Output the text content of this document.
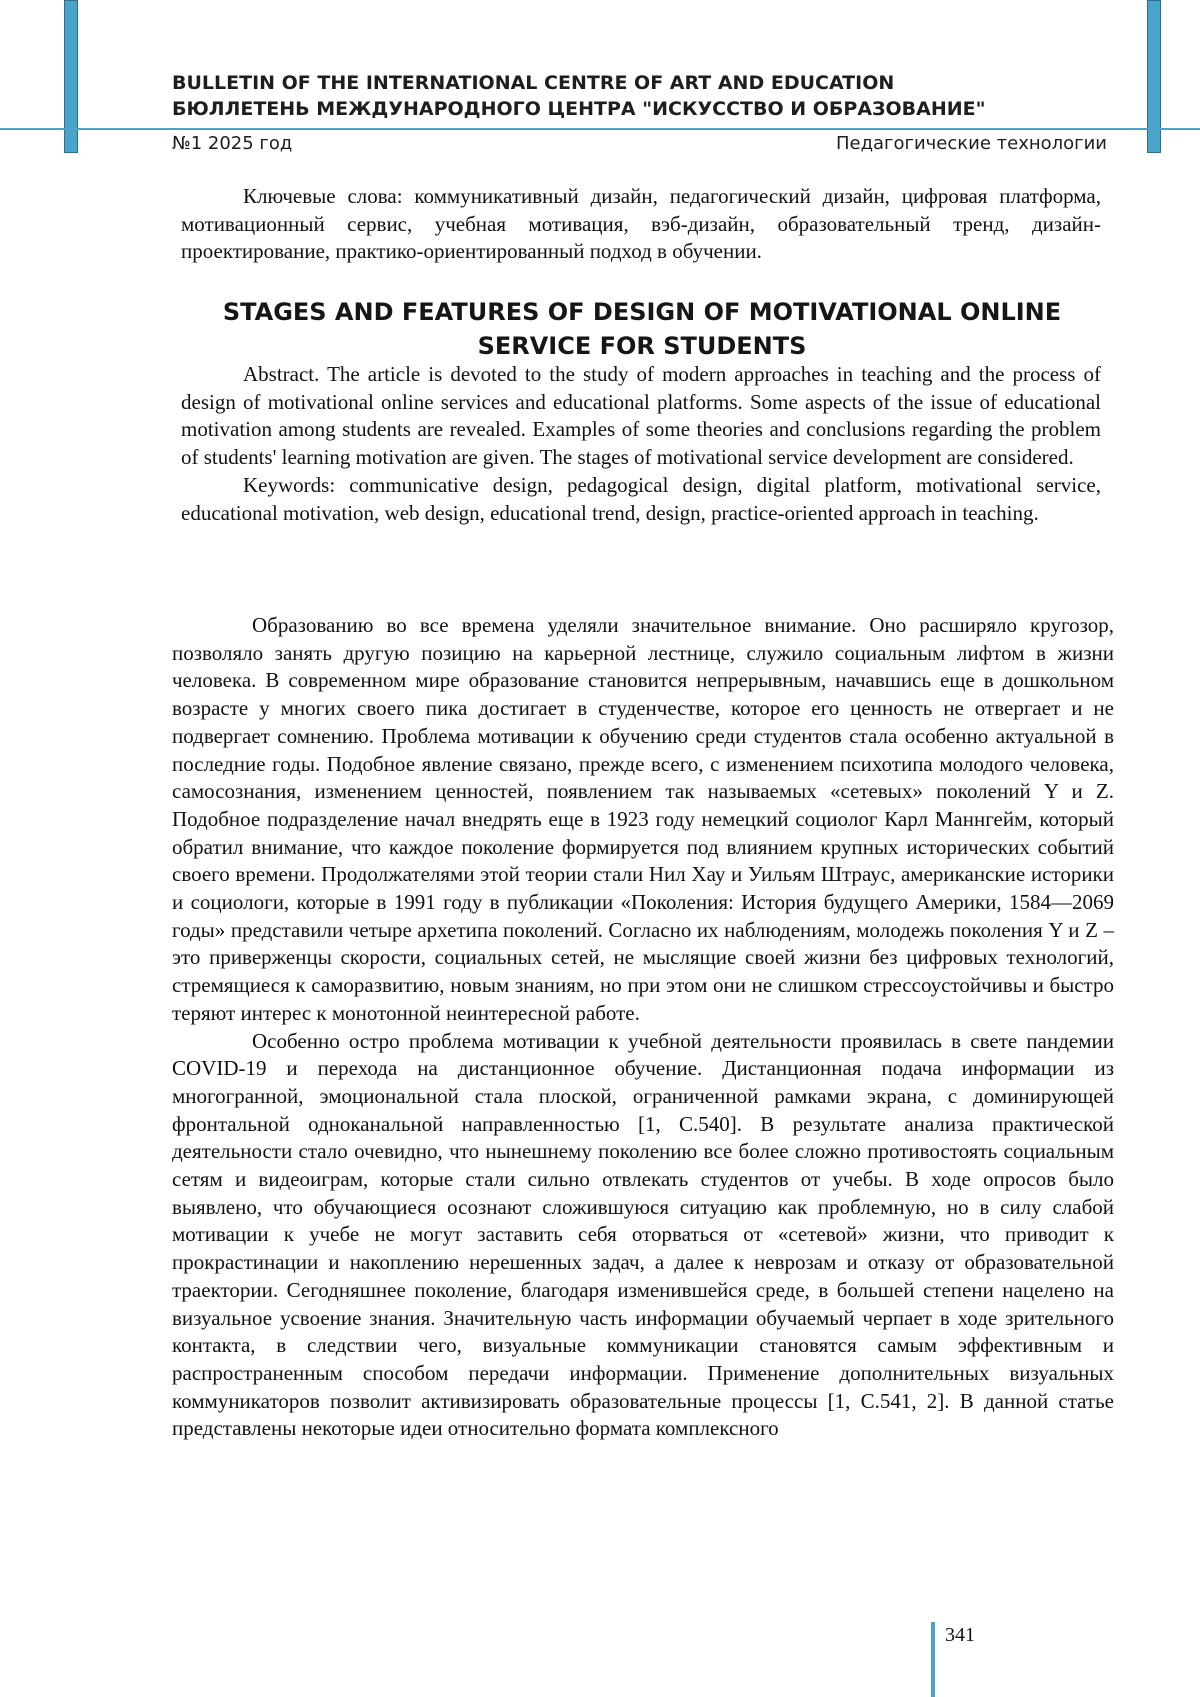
BULLETIN OF THE INTERNATIONAL CENTRE OF ART AND EDUCATION
БЮЛЛЕТЕНЬ МЕЖДУНАРОДНОГО ЦЕНТРА "ИСКУССТВО И ОБРАЗОВАНИЕ"
№1 2025 год	Педагогические технологии

Ключевые слова: коммуникативный дизайн, педагогический дизайн, цифровая платформа, мотивационный сервис, учебная мотивация, вэб-дизайн, образовательный тренд, дизайн-проектирование, практико-ориентированный подход в обучении.

STAGES AND FEATURES OF DESIGN OF MOTIVATIONAL ONLINE SERVICE FOR STUDENTS

Abstract. The article is devoted to the study of modern approaches in teaching and the process of design of motivational online services and educational platforms. Some aspects of the issue of educational motivation among students are revealed. Examples of some theories and conclusions regarding the problem of students' learning motivation are given. The stages of motivational service development are considered.

Keywords: communicative design, pedagogical design, digital platform, motivational service, educational motivation, web design, educational trend, design, practice-oriented approach in teaching.

Образованию во все времена уделяли значительное внимание. Оно расширяло кругозор, позволяло занять другую позицию на карьерной лестнице, служило социальным лифтом в жизни человека. В современном мире образование становится непрерывным, начавшись еще в дошкольном возрасте у многих своего пика достигает в студенчестве, которое его ценность не отвергает и не подвергает сомнению. Проблема мотивации к обучению среди студентов стала особенно актуальной в последние годы. Подобное явление связано, прежде всего, с изменением психотипа молодого человека, самосознания, изменением ценностей, появлением так называемых «сетевых» поколений Y и Z. Подобное подразделение начал внедрять еще в 1923 году немецкий социолог Карл Маннгейм, который обратил внимание, что каждое поколение формируется под влиянием крупных исторических событий своего времени. Продолжателями этой теории стали Нил Хау и Уильям Штраус, американские историки и социологи, которые в 1991 году в публикации «Поколения: История будущего Америки, 1584—2069 годы» представили четыре архетипа поколений. Согласно их наблюдениям, молодежь поколения Y и Z – это приверженцы скорости, социальных сетей, не мыслящие своей жизни без цифровых технологий, стремящиеся к саморазвитию, новым знаниям, но при этом они не слишком стрессоустойчивы и быстро теряют интерес к монотонной неинтересной работе.

Особенно остро проблема мотивации к учебной деятельности проявилась в свете пандемии COVID-19 и перехода на дистанционное обучение. Дистанционная подача информации из многогранной, эмоциональной стала плоской, ограниченной рамками экрана, с доминирующей фронтальной одноканальной направленностью [1, С.540]. В результате анализа практической деятельности стало очевидно, что нынешнему поколению все более сложно противостоять социальным сетям и видеоиграм, которые стали сильно отвлекать студентов от учебы. В ходе опросов было выявлено, что обучающиеся осознают сложившуюся ситуацию как проблемную, но в силу слабой мотивации к учебе не могут заставить себя оторваться от «сетевой» жизни, что приводит к прокрастинации и накоплению нерешенных задач, а далее к неврозам и отказу от образовательной траектории. Сегодняшнее поколение, благодаря изменившейся среде, в большей степени нацелено на визуальное усвоение знания. Значительную часть информации обучаемый черпает в ходе зрительного контакта, в следствии чего, визуальные коммуникации становятся самым эффективным и распространенным способом передачи информации. Применение дополнительных визуальных коммуникаторов позволит активизировать образовательные процессы [1, С.541, 2]. В данной статье представлены некоторые идеи относительно формата комплексного

341
